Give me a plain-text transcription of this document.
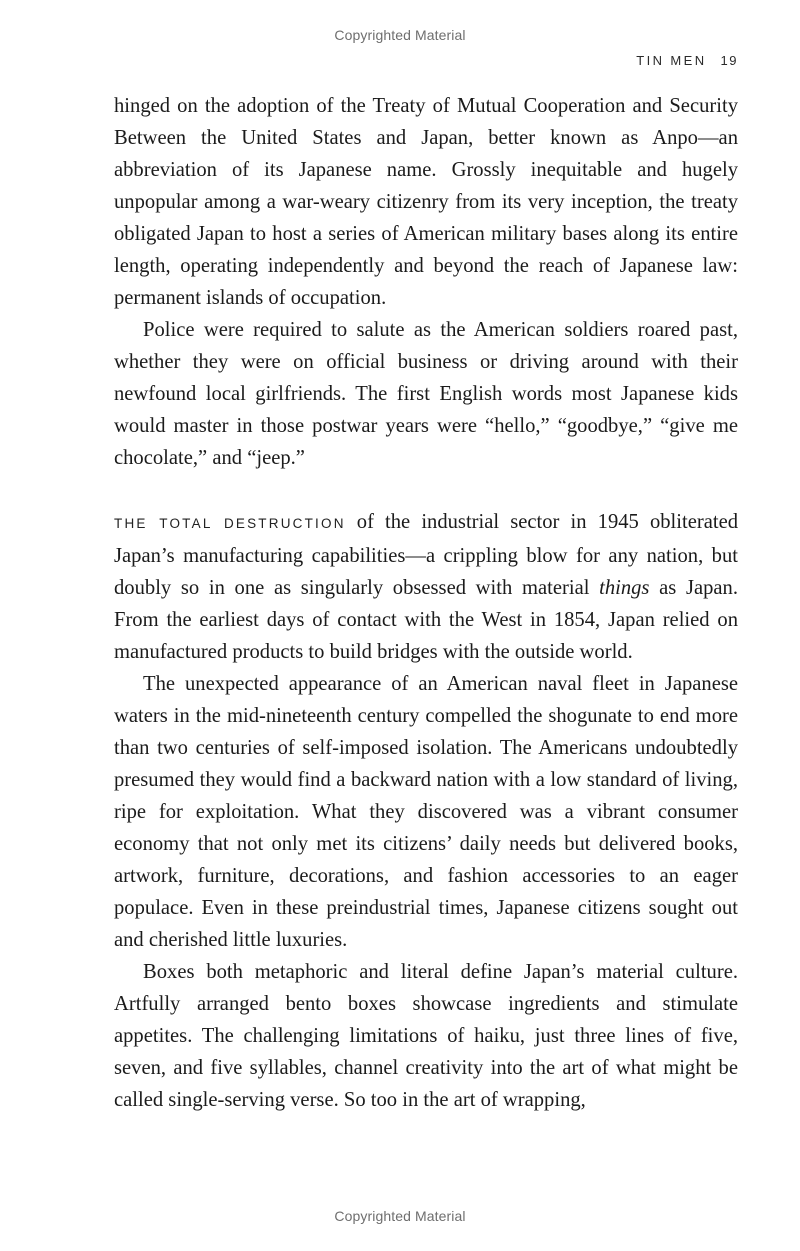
Copyrighted Material
TIN MEN 19

hinged on the adoption of the Treaty of Mutual Cooperation and Security Between the United States and Japan, better known as Anpo—an abbreviation of its Japanese name. Grossly inequitable and hugely unpopular among a war-weary citizenry from its very inception, the treaty obligated Japan to host a series of American military bases along its entire length, operating independently and beyond the reach of Japanese law: permanent islands of occupation.

Police were required to salute as the American soldiers roared past, whether they were on official business or driving around with their newfound local girlfriends. The first English words most Japanese kids would master in those postwar years were “hello,” “goodbye,” “give me chocolate,” and “jeep.”

THE TOTAL DESTRUCTION of the industrial sector in 1945 obliterated Japan’s manufacturing capabilities—a crippling blow for any nation, but doubly so in one as singularly obsessed with material things as Japan. From the earliest days of contact with the West in 1854, Japan relied on manufactured products to build bridges with the outside world.

The unexpected appearance of an American naval fleet in Japanese waters in the mid-nineteenth century compelled the shogunate to end more than two centuries of self-imposed isolation. The Americans undoubtedly presumed they would find a backward nation with a low standard of living, ripe for exploitation. What they discovered was a vibrant consumer economy that not only met its citizens’ daily needs but delivered books, artwork, furniture, decorations, and fashion accessories to an eager populace. Even in these preindustrial times, Japanese citizens sought out and cherished little luxuries.

Boxes both metaphoric and literal define Japan’s material culture. Artfully arranged bento boxes showcase ingredients and stimulate appetites. The challenging limitations of haiku, just three lines of five, seven, and five syllables, channel creativity into the art of what might be called single-serving verse. So too in the art of wrapping,

Copyrighted Material
